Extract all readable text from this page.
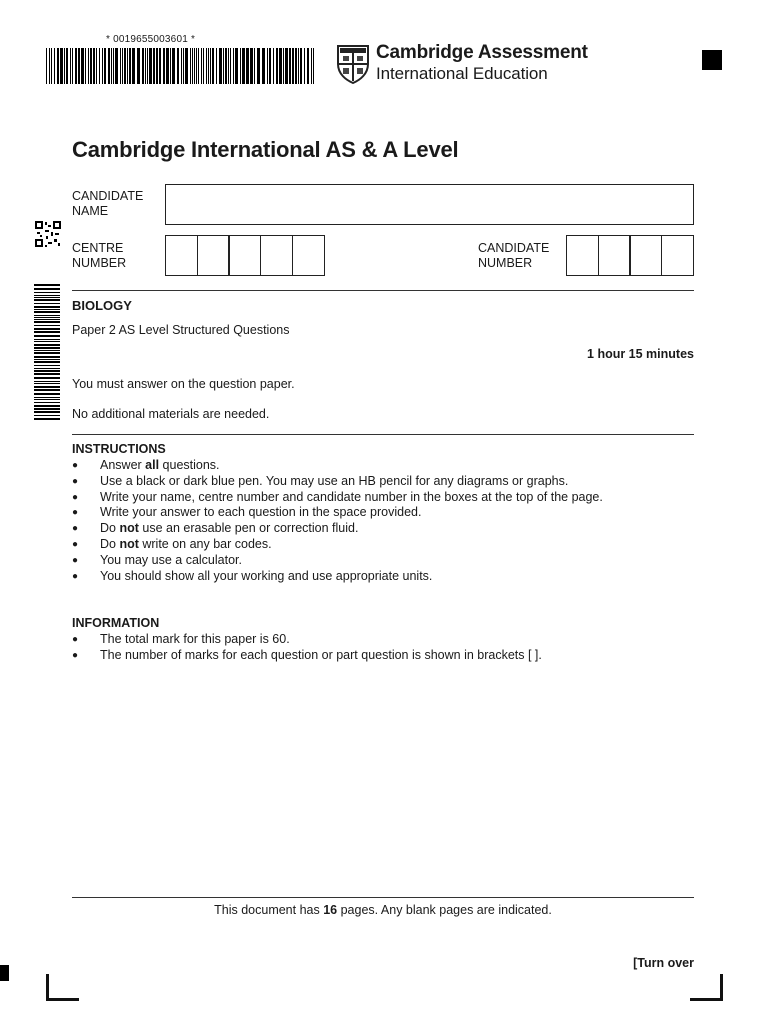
* 0019655003601 *
Cambridge Assessment
International Education
Cambridge International AS & A Level
CANDIDATE
NAME
CENTRE
NUMBER
CANDIDATE
NUMBER
BIOLOGY
Paper 2 AS Level Structured Questions
1 hour 15 minutes
You must answer on the question paper.
No additional materials are needed.
INSTRUCTIONS
● Answer all questions.
● Use a black or dark blue pen. You may use an HB pencil for any diagrams or graphs.
● Write your name, centre number and candidate number in the boxes at the top of the page.
● Write your answer to each question in the space provided.
● Do not use an erasable pen or correction fluid.
● Do not write on any bar codes.
● You may use a calculator.
● You should show all your working and use appropriate units.
INFORMATION
● The total mark for this paper is 60.
● The number of marks for each question or part question is shown in brackets [ ].
This document has 16 pages. Any blank pages are indicated.
[Turn over
